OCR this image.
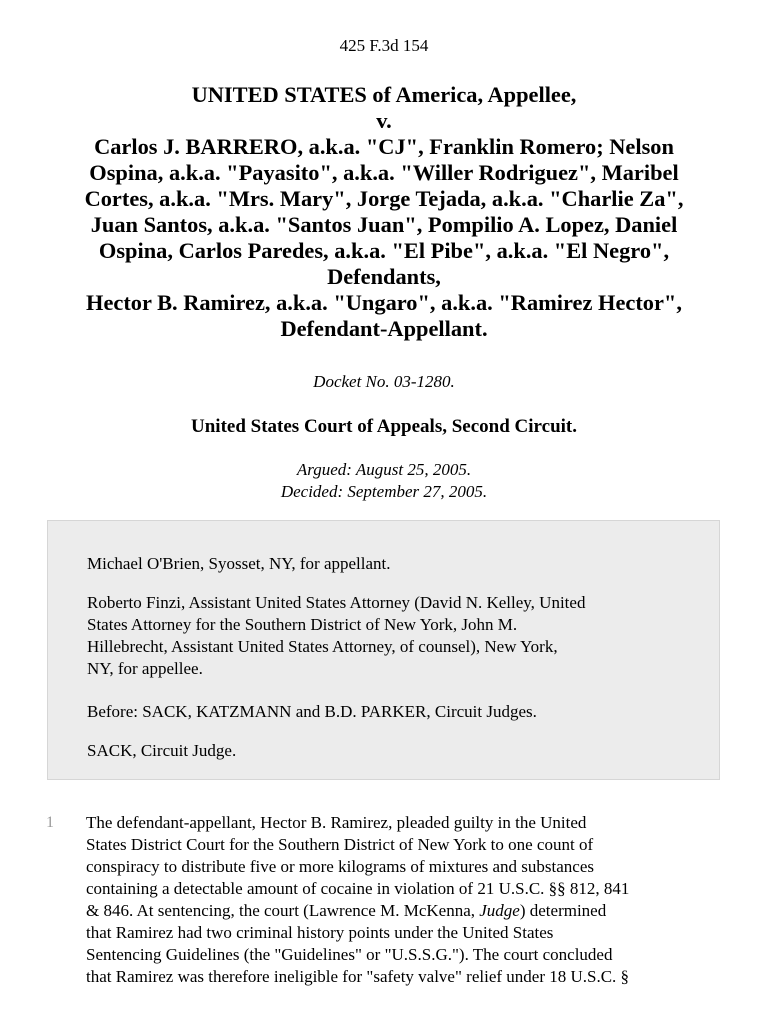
425 F.3d 154
UNITED STATES of America, Appellee,
v.
Carlos J. BARRERO, a.k.a. "CJ", Franklin Romero; Nelson
Ospina, a.k.a. "Payasito", a.k.a. "Willer Rodriguez", Maribel
Cortes, a.k.a. "Mrs. Mary", Jorge Tejada, a.k.a. "Charlie Za",
Juan Santos, a.k.a. "Santos Juan", Pompilio A. Lopez, Daniel
Ospina, Carlos Paredes, a.k.a. "El Pibe", a.k.a. "El Negro",
Defendants,
Hector B. Ramirez, a.k.a. "Ungaro", a.k.a. "Ramirez Hector",
Defendant-Appellant.
Docket No. 03-1280.
United States Court of Appeals, Second Circuit.
Argued: August 25, 2005.
Decided: September 27, 2005.

Michael O'Brien, Syosset, NY, for appellant.

Roberto Finzi, Assistant United States Attorney (David N. Kelley, United
States Attorney for the Southern District of New York, John M.
Hillebrecht, Assistant United States Attorney, of counsel), New York,
NY, for appellee.

Before: SACK, KATZMANN and B.D. PARKER, Circuit Judges.

SACK, Circuit Judge.

1 The defendant-appellant, Hector B. Ramirez, pleaded guilty in the United
States District Court for the Southern District of New York to one count of
conspiracy to distribute five or more kilograms of mixtures and substances
containing a detectable amount of cocaine in violation of 21 U.S.C. §§ 812, 841
& 846. At sentencing, the court (Lawrence M. McKenna, Judge) determined
that Ramirez had two criminal history points under the United States
Sentencing Guidelines (the "Guidelines" or "U.S.S.G."). The court concluded
that Ramirez was therefore ineligible for "safety valve" relief under 18 U.S.C. §
